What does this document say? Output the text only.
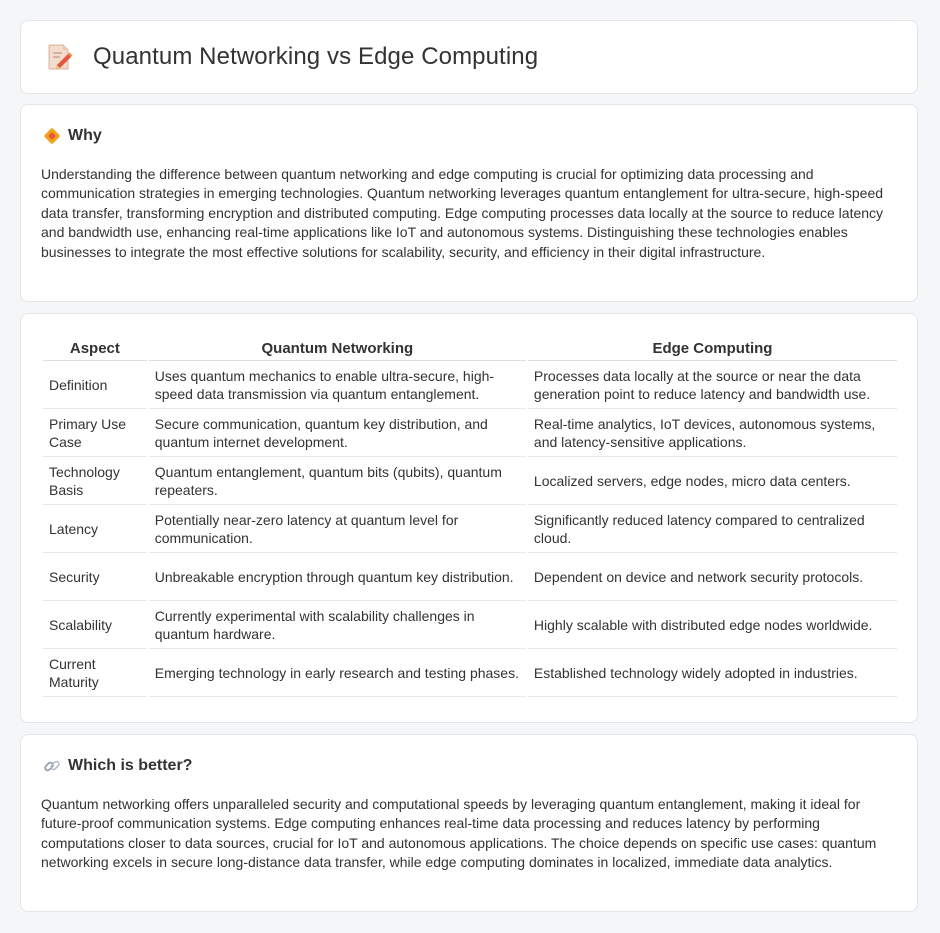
Quantum Networking vs Edge Computing
Why

Understanding the difference between quantum networking and edge computing is crucial for optimizing data processing and communication strategies in emerging technologies. Quantum networking leverages quantum entanglement for ultra-secure, high-speed data transfer, transforming encryption and distributed computing. Edge computing processes data locally at the source to reduce latency and bandwidth use, enhancing real-time applications like IoT and autonomous systems. Distinguishing these technologies enables businesses to integrate the most effective solutions for scalability, security, and efficiency in their digital infrastructure.

Aspect	Quantum Networking	Edge Computing
Definition	Uses quantum mechanics to enable ultra-secure, high-speed data transmission via quantum entanglement.	Processes data locally at the source or near the data generation point to reduce latency and bandwidth use.
Primary Use Case	Secure communication, quantum key distribution, and quantum internet development.	Real-time analytics, IoT devices, autonomous systems, and latency-sensitive applications.
Technology Basis	Quantum entanglement, quantum bits (qubits), quantum repeaters.	Localized servers, edge nodes, micro data centers.
Latency	Potentially near-zero latency at quantum level for communication.	Significantly reduced latency compared to centralized cloud.
Security	Unbreakable encryption through quantum key distribution.	Dependent on device and network security protocols.
Scalability	Currently experimental with scalability challenges in quantum hardware.	Highly scalable with distributed edge nodes worldwide.
Current Maturity	Emerging technology in early research and testing phases.	Established technology widely adopted in industries.
Which is better?

Quantum networking offers unparalleled security and computational speeds by leveraging quantum entanglement, making it ideal for future-proof communication systems. Edge computing enhances real-time data processing and reduces latency by performing computations closer to data sources, crucial for IoT and autonomous applications. The choice depends on specific use cases: quantum networking excels in secure long-distance data transfer, while edge computing dominates in localized, immediate data analytics.
